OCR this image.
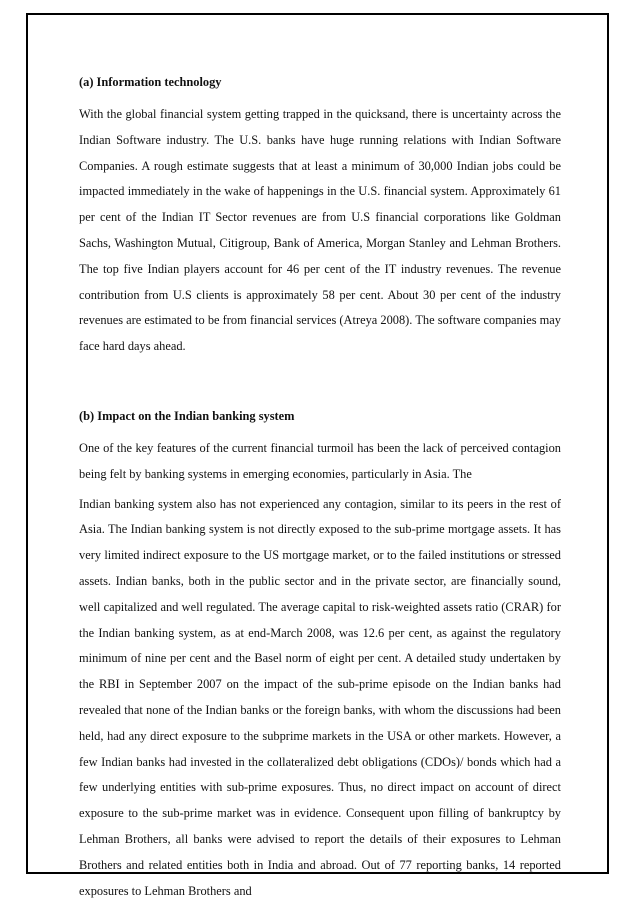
(a) Information technology

With the global financial system getting trapped in the quicksand, there is uncertainty across the Indian Software industry. The U.S. banks have huge running relations with Indian Software Companies. A rough estimate suggests that at least a minimum of 30,000 Indian jobs could be impacted immediately in the wake of happenings in the U.S. financial system. Approximately 61 per cent of the Indian IT Sector revenues are from U.S financial corporations like Goldman Sachs, Washington Mutual, Citigroup, Bank of America, Morgan Stanley and Lehman Brothers. The top five Indian players account for 46 per cent of the IT industry revenues. The revenue contribution from U.S clients is approximately 58 per cent. About 30 per cent of the industry revenues are estimated to be from financial services (Atreya 2008). The software companies may face hard days ahead.

(b) Impact on the Indian banking system

One of the key features of the current financial turmoil has been the lack of perceived contagion being felt by banking systems in emerging economies, particularly in Asia. The

Indian banking system also has not experienced any contagion, similar to its peers in the rest of Asia. The Indian banking system is not directly exposed to the sub-prime mortgage assets. It has very limited indirect exposure to the US mortgage market, or to the failed institutions or stressed assets. Indian banks, both in the public sector and in the private sector, are financially sound, well capitalized and well regulated. The average capital to risk-weighted assets ratio (CRAR) for the Indian banking system, as at end-March 2008, was 12.6 per cent, as against the regulatory minimum of nine per cent and the Basel norm of eight per cent. A detailed study undertaken by the RBI in September 2007 on the impact of the sub-prime episode on the Indian banks had revealed that none of the Indian banks or the foreign banks, with whom the discussions had been held, had any direct exposure to the subprime markets in the USA or other markets. However, a few Indian banks had invested in the collateralized debt obligations (CDOs)/ bonds which had a few underlying entities with sub-prime exposures. Thus, no direct impact on account of direct exposure to the sub-prime market was in evidence. Consequent upon filling of bankruptcy by Lehman Brothers, all banks were advised to report the details of their exposures to Lehman Brothers and related entities both in India and abroad. Out of 77 reporting banks, 14 reported exposures to Lehman Brothers and
